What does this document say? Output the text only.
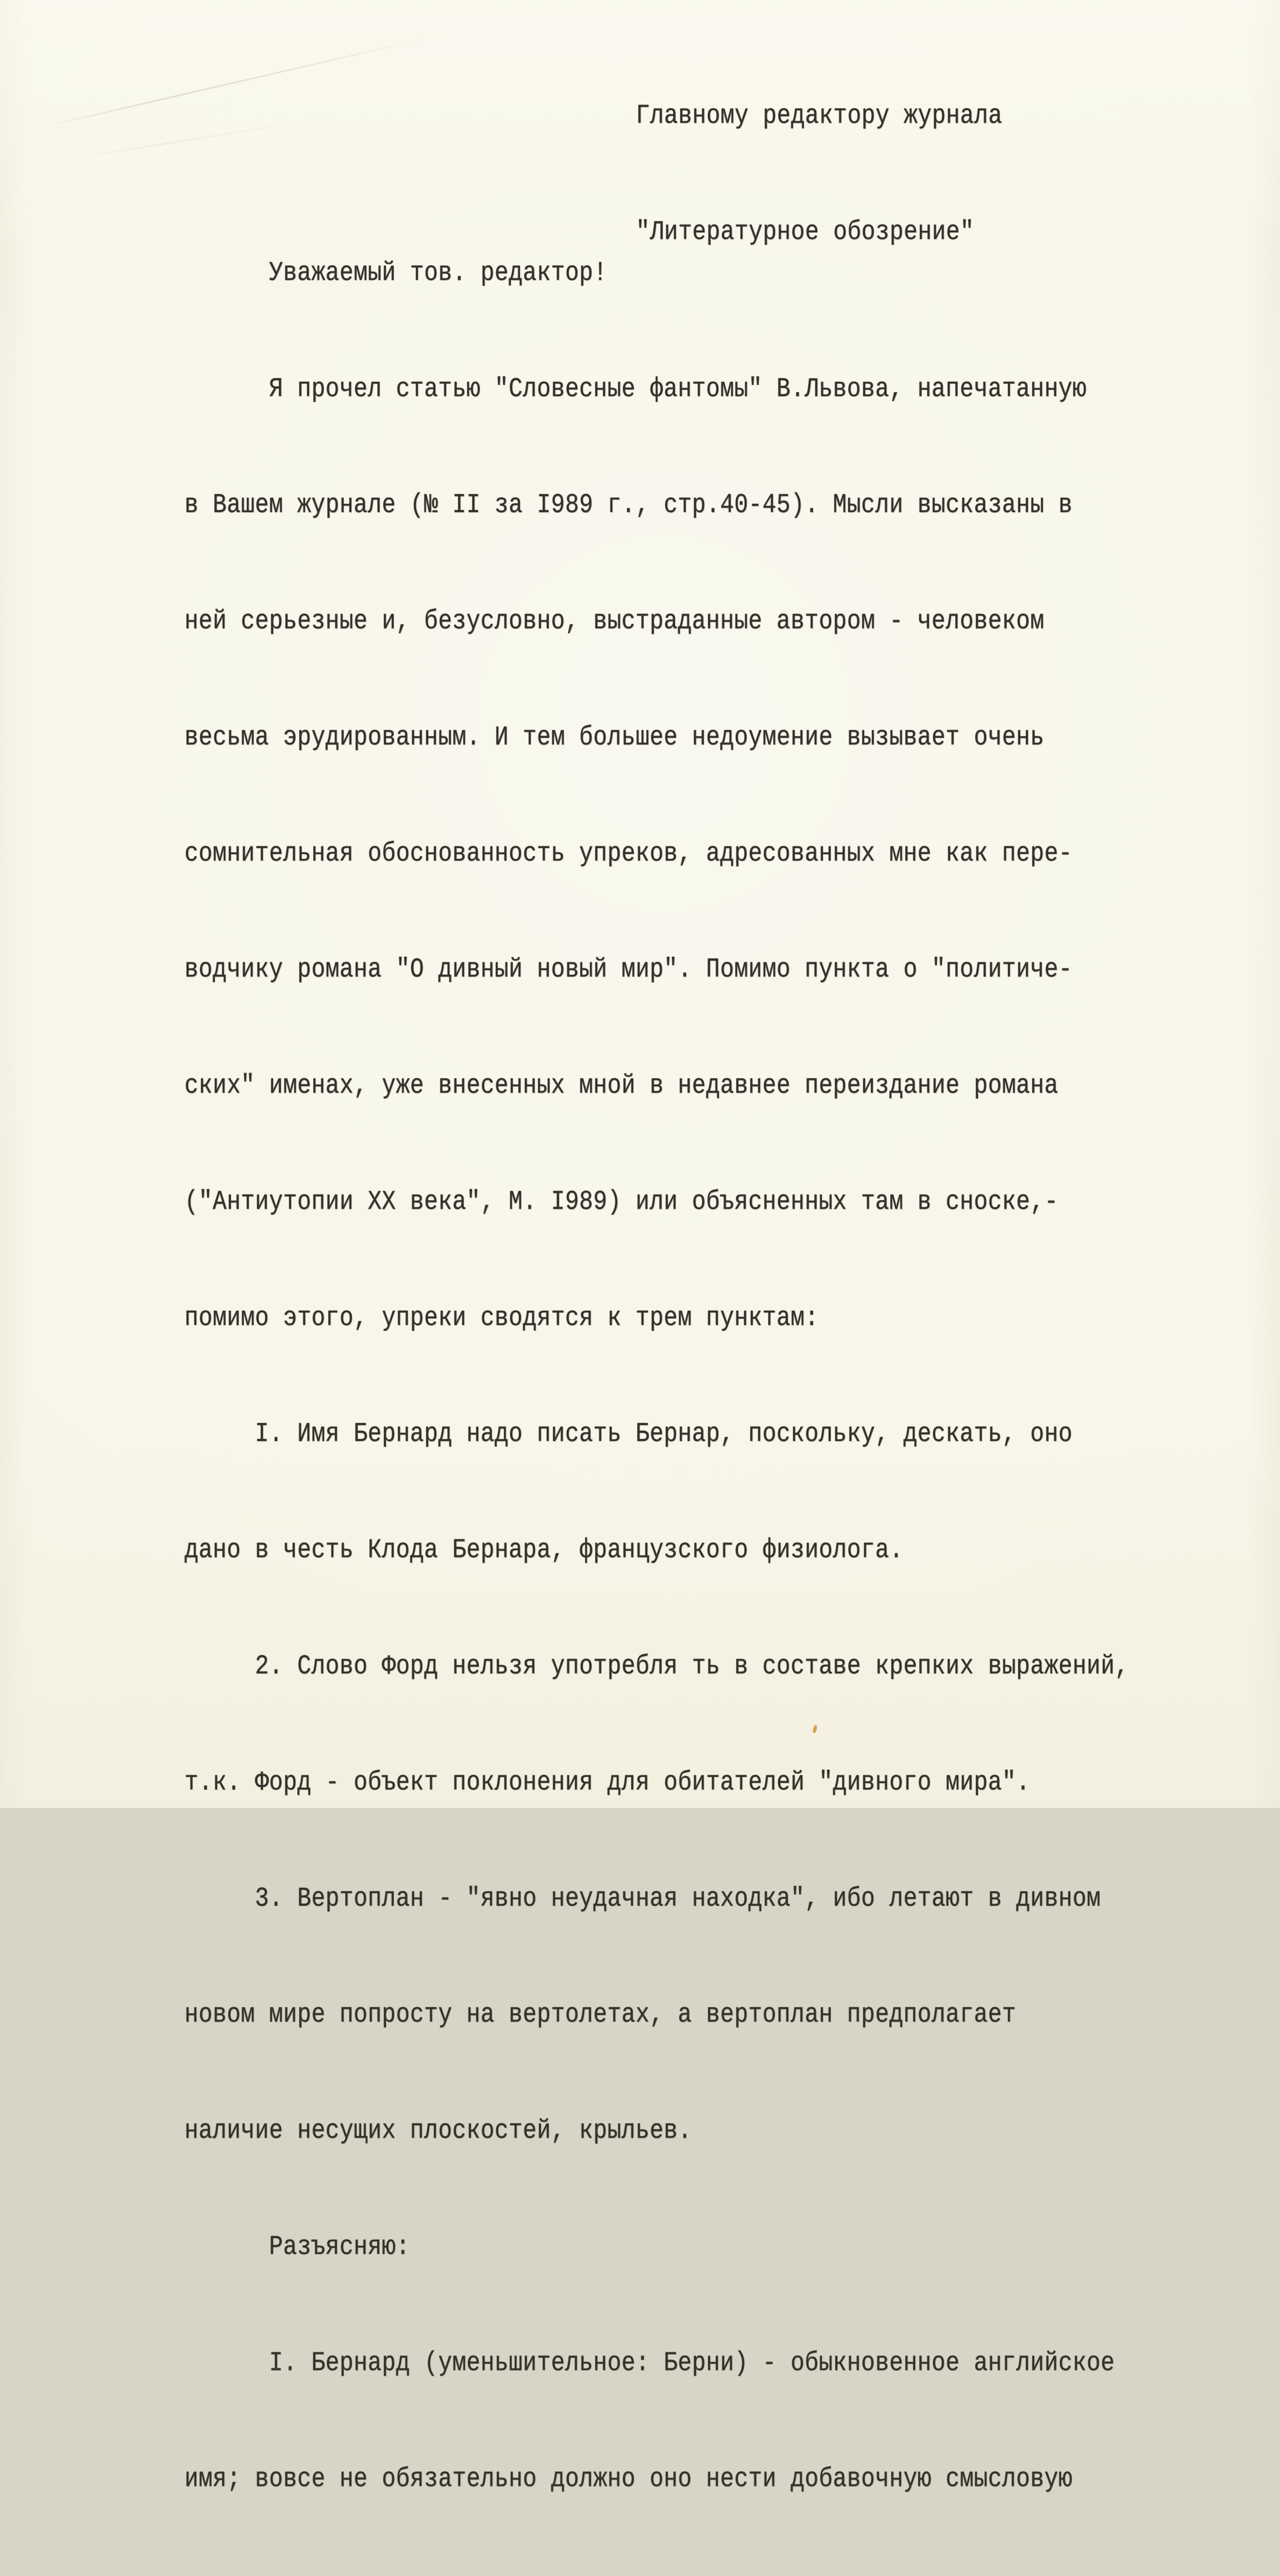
Главному редактору журнала

"Литературное обозрение"

Уважаемый тов. редактор!

Я прочел статью "Словесные фантомы" В.Львова, напечатанную

в Вашем журнале (№ II за I989 г., стр.40-45). Мысли высказаны в

ней серьезные и, безусловно, выстраданные автором - человеком

весьма эрудированным. И тем большее недоумение вызывает очень

сомнительная обоснованность упреков, адресованных мне как пере-

водчику романа "О дивный новый мир". Помимо пункта о "политиче-

ских" именах, уже внесенных мной в недавнее переиздание романа

("Антиутопии XX века", М. I989) или объясненных там в сноске,-

помимо этого, упреки сводятся к трем пунктам:

I. Имя Бернард надо писать Бернар, поскольку, дескать, оно

дано в честь Клода Бернара, французского физиолога.

2. Слово Форд нельзя употребля ть в составе крепких выражений,

т.к. Форд - объект поклонения для обитателей "дивного мира".

3. Вертоплан - "явно неудачная находка", ибо летают в дивном

новом мире попросту на вертолетах, а вертоплан предполагает

наличие несущих плоскостей, крыльев.

Разъясняю:

I. Бернард (уменьшительное: Берни) - обыкновенное английское

имя; вовсе не обязательно должно оно нести добавочную смысловую
